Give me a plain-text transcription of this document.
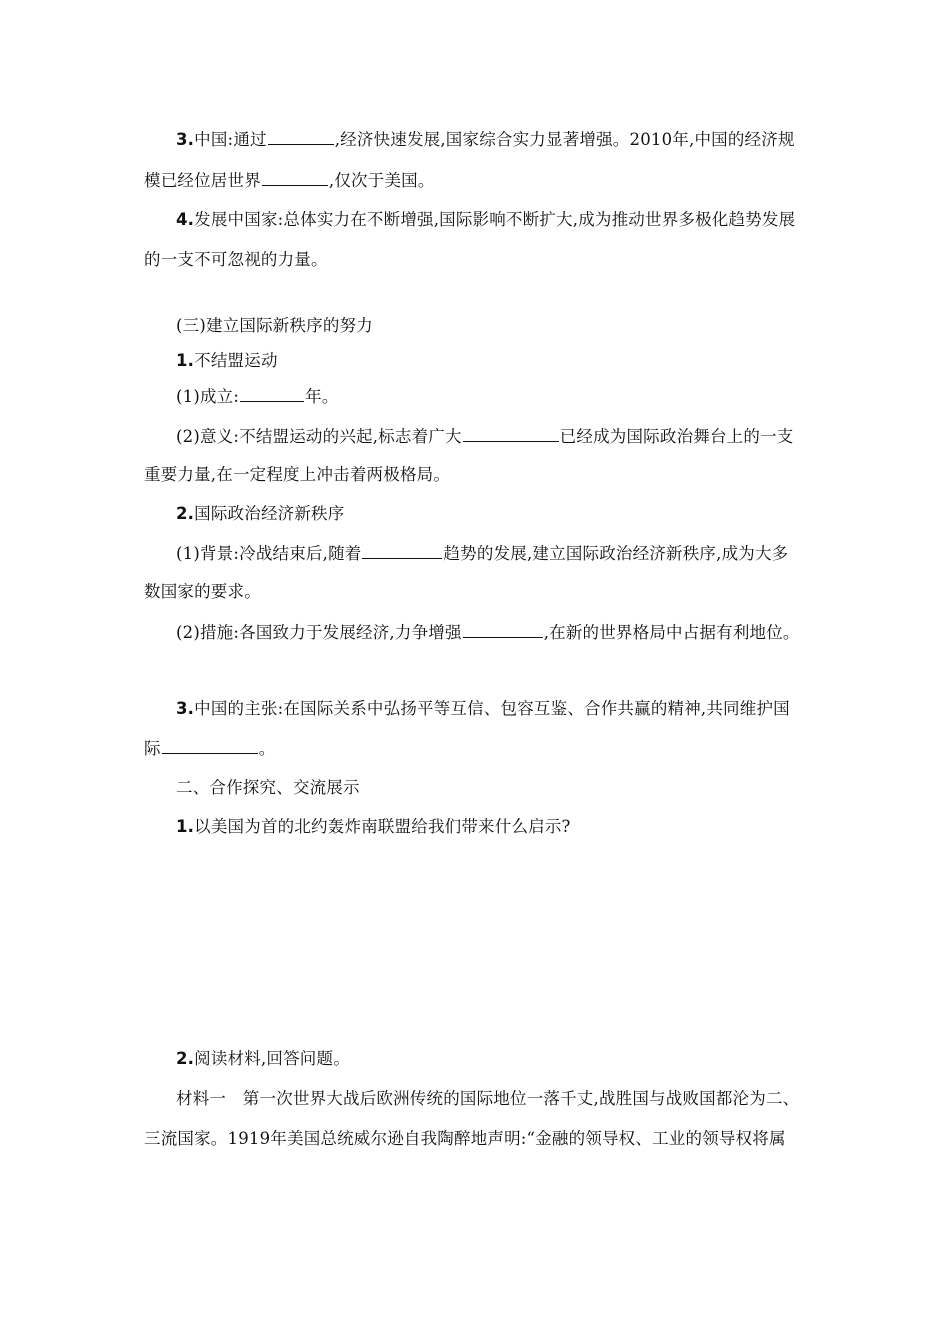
3.中国:通过	,经济快速发展,国家综合实力显著增强。2010年,中国的经济规
模已经位居世界	,仅次于美国。
4.发展中国家:总体实力在不断增强,国际影响不断扩大,成为推动世界多极化趋势发展
的一支不可忽视的力量。
(三)建立国际新秩序的努力
1.不结盟运动
(1)成立:	年。
(2)意义:不结盟运动的兴起,标志着广大	已经成为国际政治舞台上的一支
重要力量,在一定程度上冲击着两极格局。
2.国际政治经济新秩序
(1)背景:冷战结束后,随着	趋势的发展,建立国际政治经济新秩序,成为大多
数国家的要求。
(2)措施:各国致力于发展经济,力争增强	,在新的世界格局中占据有利地位。
3.中国的主张:在国际关系中弘扬平等互信、包容互鉴、合作共赢的精神,共同维护国
际	。
二、合作探究、交流展示
1.以美国为首的北约轰炸南联盟给我们带来什么启示?
2.阅读材料,回答问题。
材料一　第一次世界大战后欧洲传统的国际地位一落千丈,战胜国与战败国都沦为二、
三流国家。1919年美国总统威尔逊自我陶醉地声明:“金融的领导权、工业的领导权将属
